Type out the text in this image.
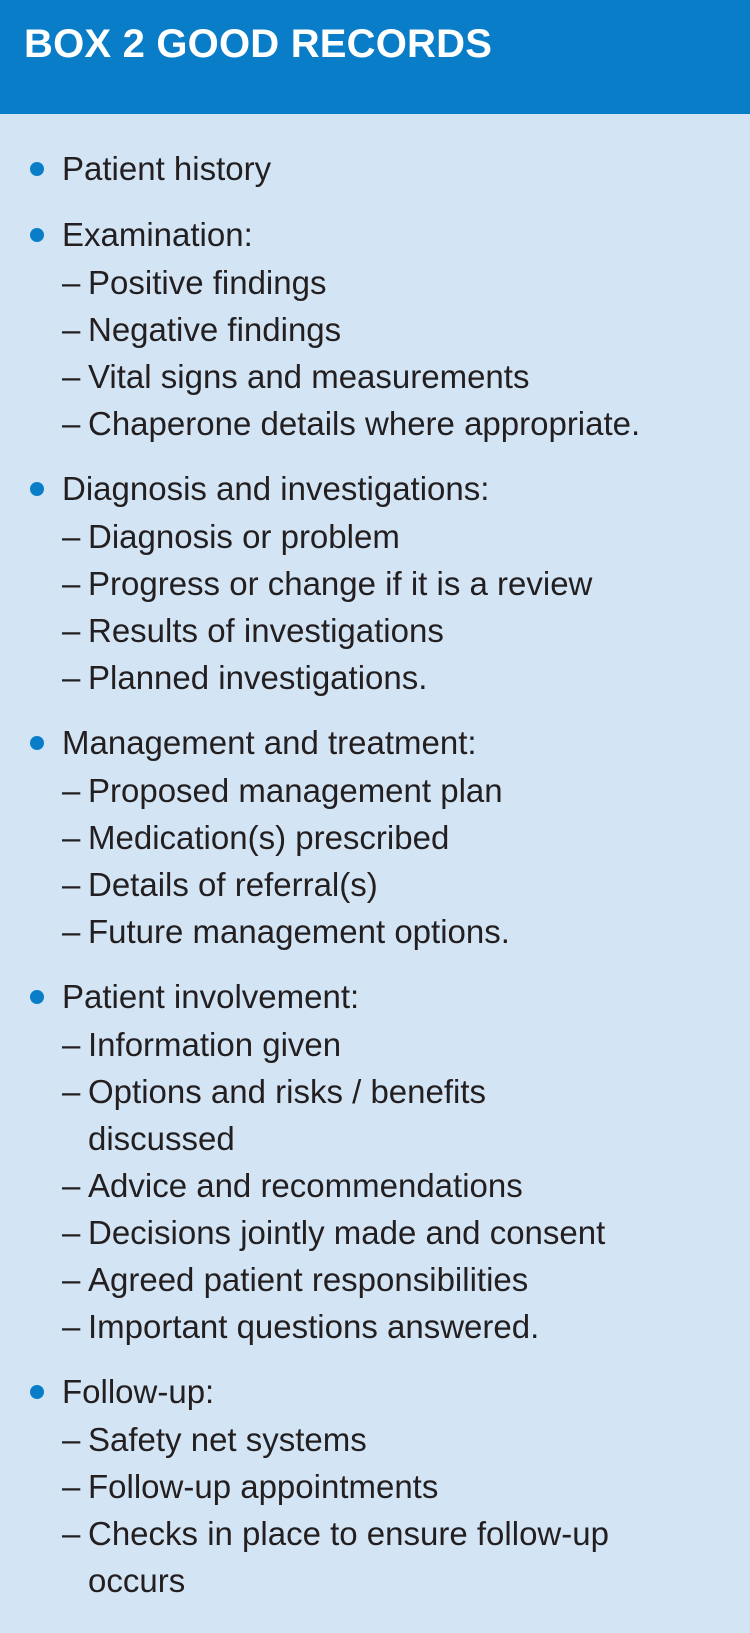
BOX 2 GOOD RECORDS
Patient history
Examination:
– Positive findings
– Negative findings
– Vital signs and measurements
– Chaperone details where appropriate.
Diagnosis and investigations:
– Diagnosis or problem
– Progress or change if it is a review
– Results of investigations
– Planned investigations.
Management and treatment:
– Proposed management plan
– Medication(s) prescribed
– Details of referral(s)
– Future management options.
Patient involvement:
– Information given
– Options and risks / benefits discussed
– Advice and recommendations
– Decisions jointly made and consent
– Agreed patient responsibilities
– Important questions answered.
Follow-up:
– Safety net systems
– Follow-up appointments
– Checks in place to ensure follow-up occurs
